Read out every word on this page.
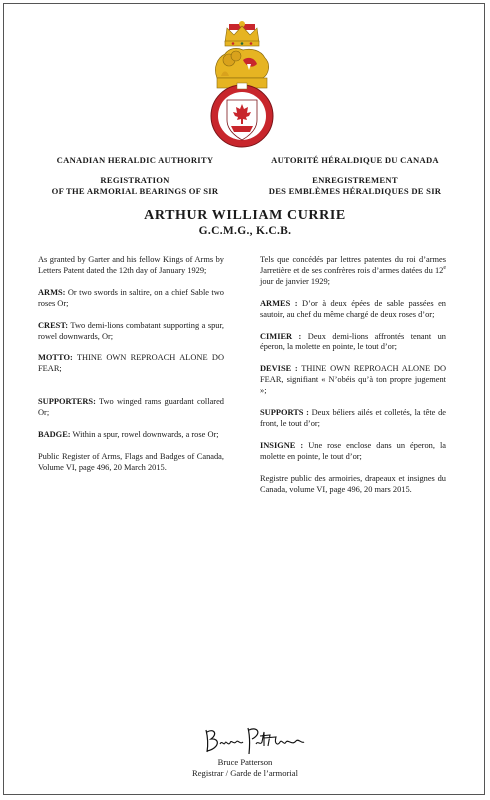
CANADIAN HERALDIC AUTHORITY
REGISTRATION
OF THE ARMORIAL BEARINGS OF SIR
AUTORITÉ HÉRALDIQUE DU CANADA
ENREGISTREMENT
DES EMBLÈMES HÉRALDIQUES DE SIR
ARTHUR WILLIAM CURRIE
G.C.M.G., K.C.B.

As granted by Garter and his fellow Kings of Arms by Letters Patent dated the 12th day of January 1929;

ARMS: Or two swords in saltire, on a chief Sable two roses Or;

CREST: Two demi-lions combatant supporting a spur, rowel downwards, Or;

MOTTO: THINE OWN REPROACH ALONE DO FEAR;

SUPPORTERS: Two winged rams guardant collared Or;

BADGE: Within a spur, rowel downwards, a rose Or;

Public Register of Arms, Flags and Badges of Canada, Volume VI, page 496, 20 March 2015.

Tels que concédés par lettres patentes du roi d’armes Jarretière et de ses confrères rois d’armes datées du 12e jour de janvier 1929;

ARMES : D’or à deux épées de sable passées en sautoir, au chef du même chargé de deux roses d’or;

CIMIER : Deux demi-lions affrontés tenant un éperon, la molette en pointe, le tout d’or;

DEVISE : THINE OWN REPROACH ALONE DO FEAR, signifiant « N’obéis qu’à ton propre jugement »;

SUPPORTS : Deux béliers ailés et colletés, la tête de front, le tout d’or;

INSIGNE : Une rose enclose dans un éperon, la molette en pointe, le tout d’or;

Registre public des armoiries, drapeaux et insignes du Canada, volume VI, page 496, 20 mars 2015.

Bruce Patterson
Registrar / Garde de l’armorial
